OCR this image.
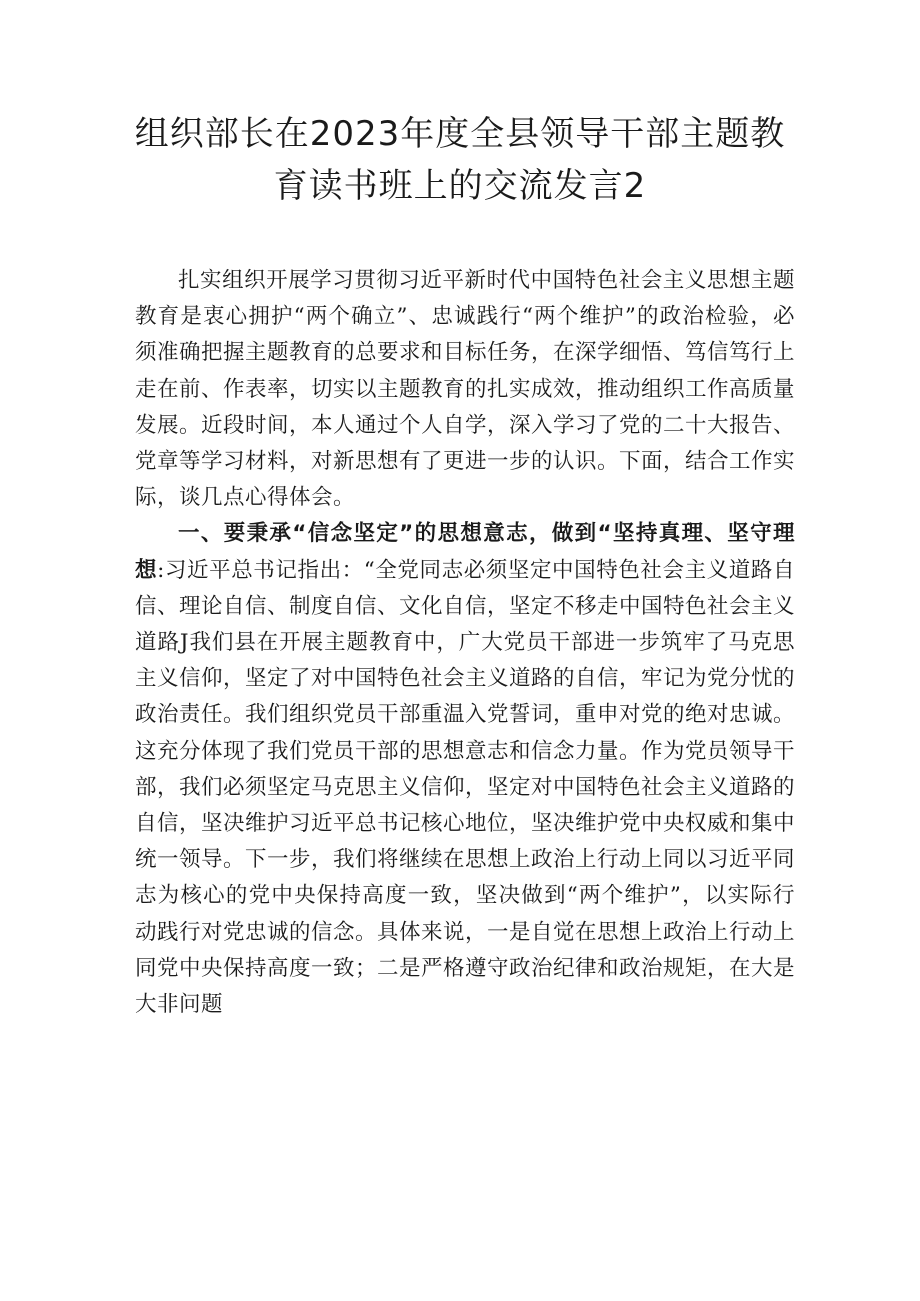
组织部长在2023年度全县领导干部主题教
育读书班上的交流发言2

扎实组织开展学习贯彻习近平新时代中国特色社会主义思想主题教育是衷心拥护“两个确立”、忠诚践行“两个维护”的政治检验，必须准确把握主题教育的总要求和目标任务，在深学细悟、笃信笃行上走在前、作表率，切实以主题教育的扎实成效，推动组织工作高质量发展。近段时间，本人通过个人自学，深入学习了党的二十大报告、党章等学习材料，对新思想有了更进一步的认识。下面，结合工作实际，谈几点心得体会。

一、要秉承“信念坚定”的思想意志，做到“坚持真理、坚守理想:习近平总书记指出：“全党同志必须坚定中国特色社会主义道路自信、理论自信、制度自信、文化自信，坚定不移走中国特色社会主义道路J我们县在开展主题教育中，广大党员干部进一步筑牢了马克思主义信仰，坚定了对中国特色社会主义道路的自信，牢记为党分忧的政治责任。我们组织党员干部重温入党誓词，重申对党的绝对忠诚。这充分体现了我们党员干部的思想意志和信念力量。作为党员领导干部，我们必须坚定马克思主义信仰，坚定对中国特色社会主义道路的自信，坚决维护习近平总书记核心地位，坚决维护党中央权威和集中统一领导。下一步，我们将继续在思想上政治上行动上同以习近平同志为核心的党中央保持高度一致，坚决做到“两个维护”，以实际行动践行对党忠诚的信念。具体来说，一是自觉在思想上政治上行动上同党中央保持高度一致；二是严格遵守政治纪律和政治规矩，在大是大非问题
